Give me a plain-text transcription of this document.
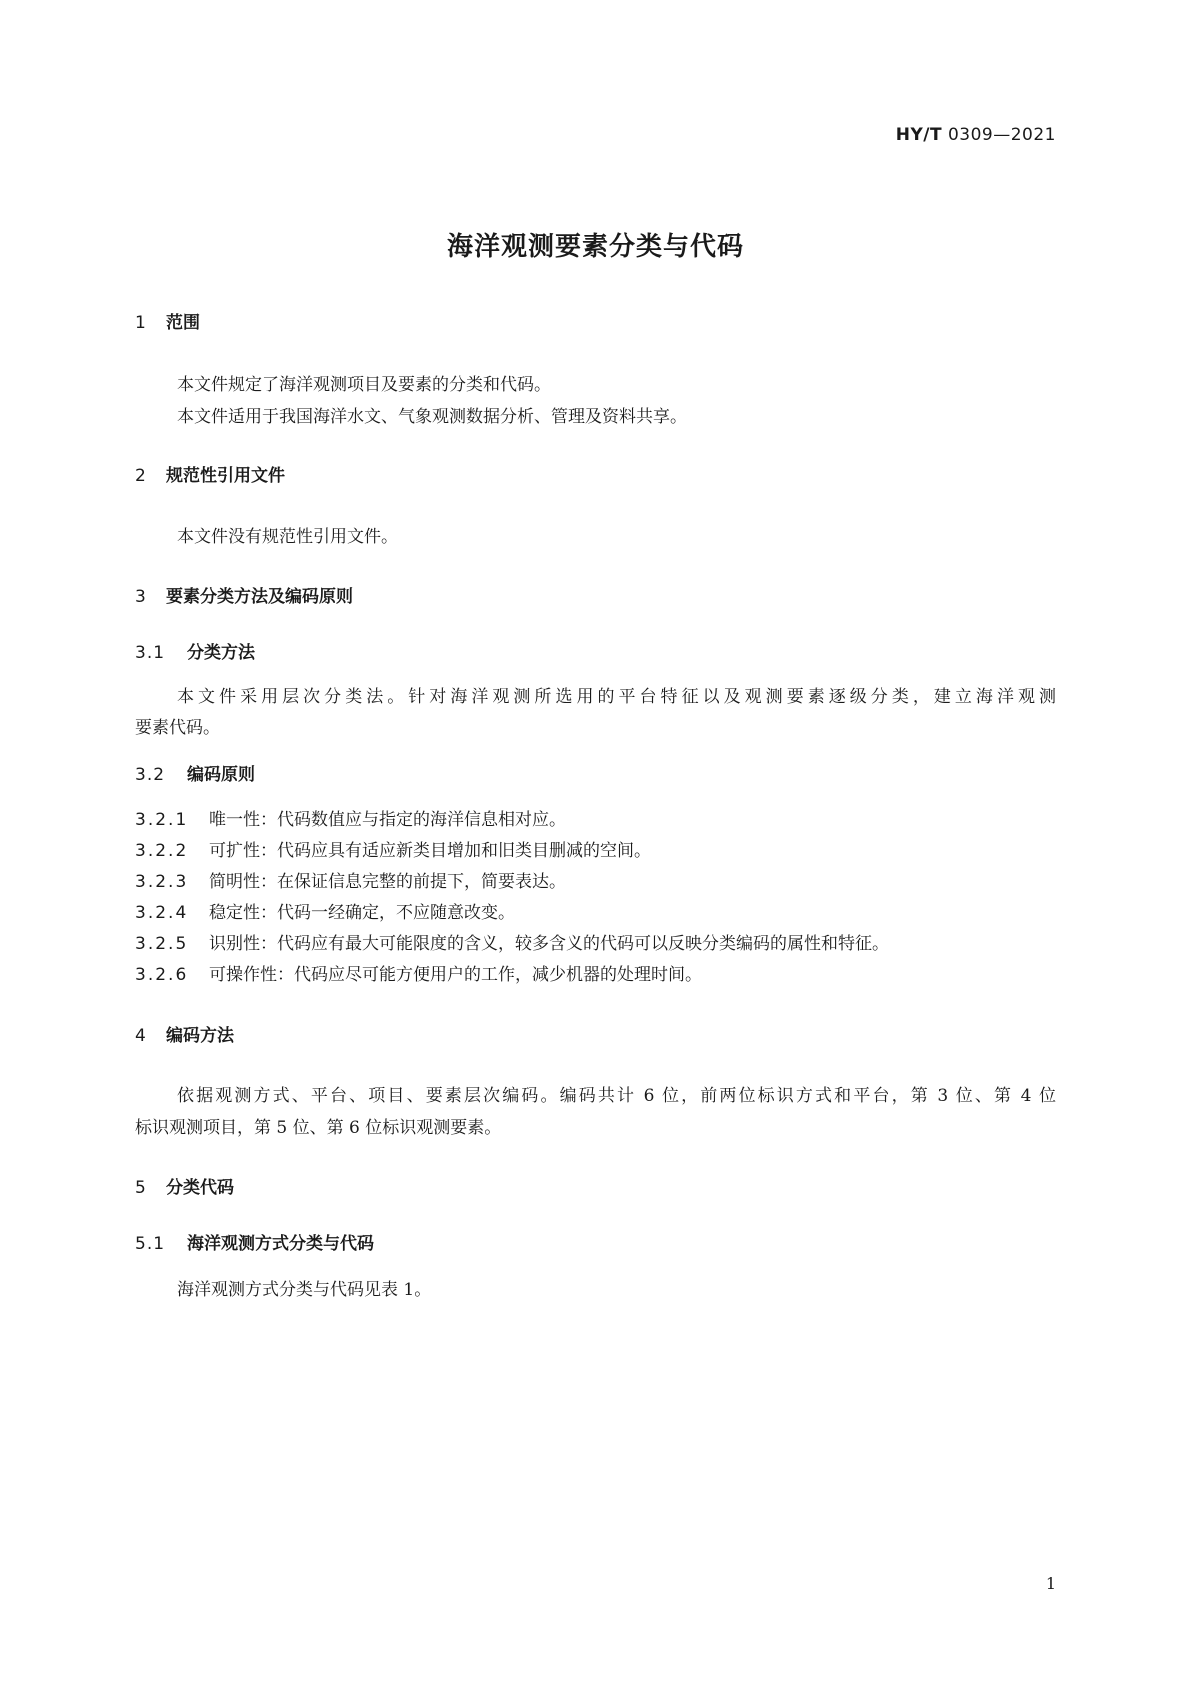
HY/T 0309—2021
海洋观测要素分类与代码
1 范围
本文件规定了海洋观测项目及要素的分类和代码。
本文件适用于我国海洋水文、气象观测数据分析、管理及资料共享。
2 规范性引用文件
本文件没有规范性引用文件。
3 要素分类方法及编码原则
3.1 分类方法
本文件采用层次分类法。针对海洋观测所选用的平台特征以及观测要素逐级分类，建立海洋观测
要素代码。
3.2 编码原则
3.2.1 唯一性：代码数值应与指定的海洋信息相对应。
3.2.2 可扩性：代码应具有适应新类目增加和旧类目删减的空间。
3.2.3 简明性：在保证信息完整的前提下，简要表达。
3.2.4 稳定性：代码一经确定，不应随意改变。
3.2.5 识别性：代码应有最大可能限度的含义，较多含义的代码可以反映分类编码的属性和特征。
3.2.6 可操作性：代码应尽可能方便用户的工作，减少机器的处理时间。
4 编码方法
依据观测方式、平台、项目、要素层次编码。编码共计 6 位，前两位标识方式和平台，第 3 位、第 4 位
标识观测项目，第 5 位、第 6 位标识观测要素。
5 分类代码
5.1 海洋观测方式分类与代码
海洋观测方式分类与代码见表 1。
1
